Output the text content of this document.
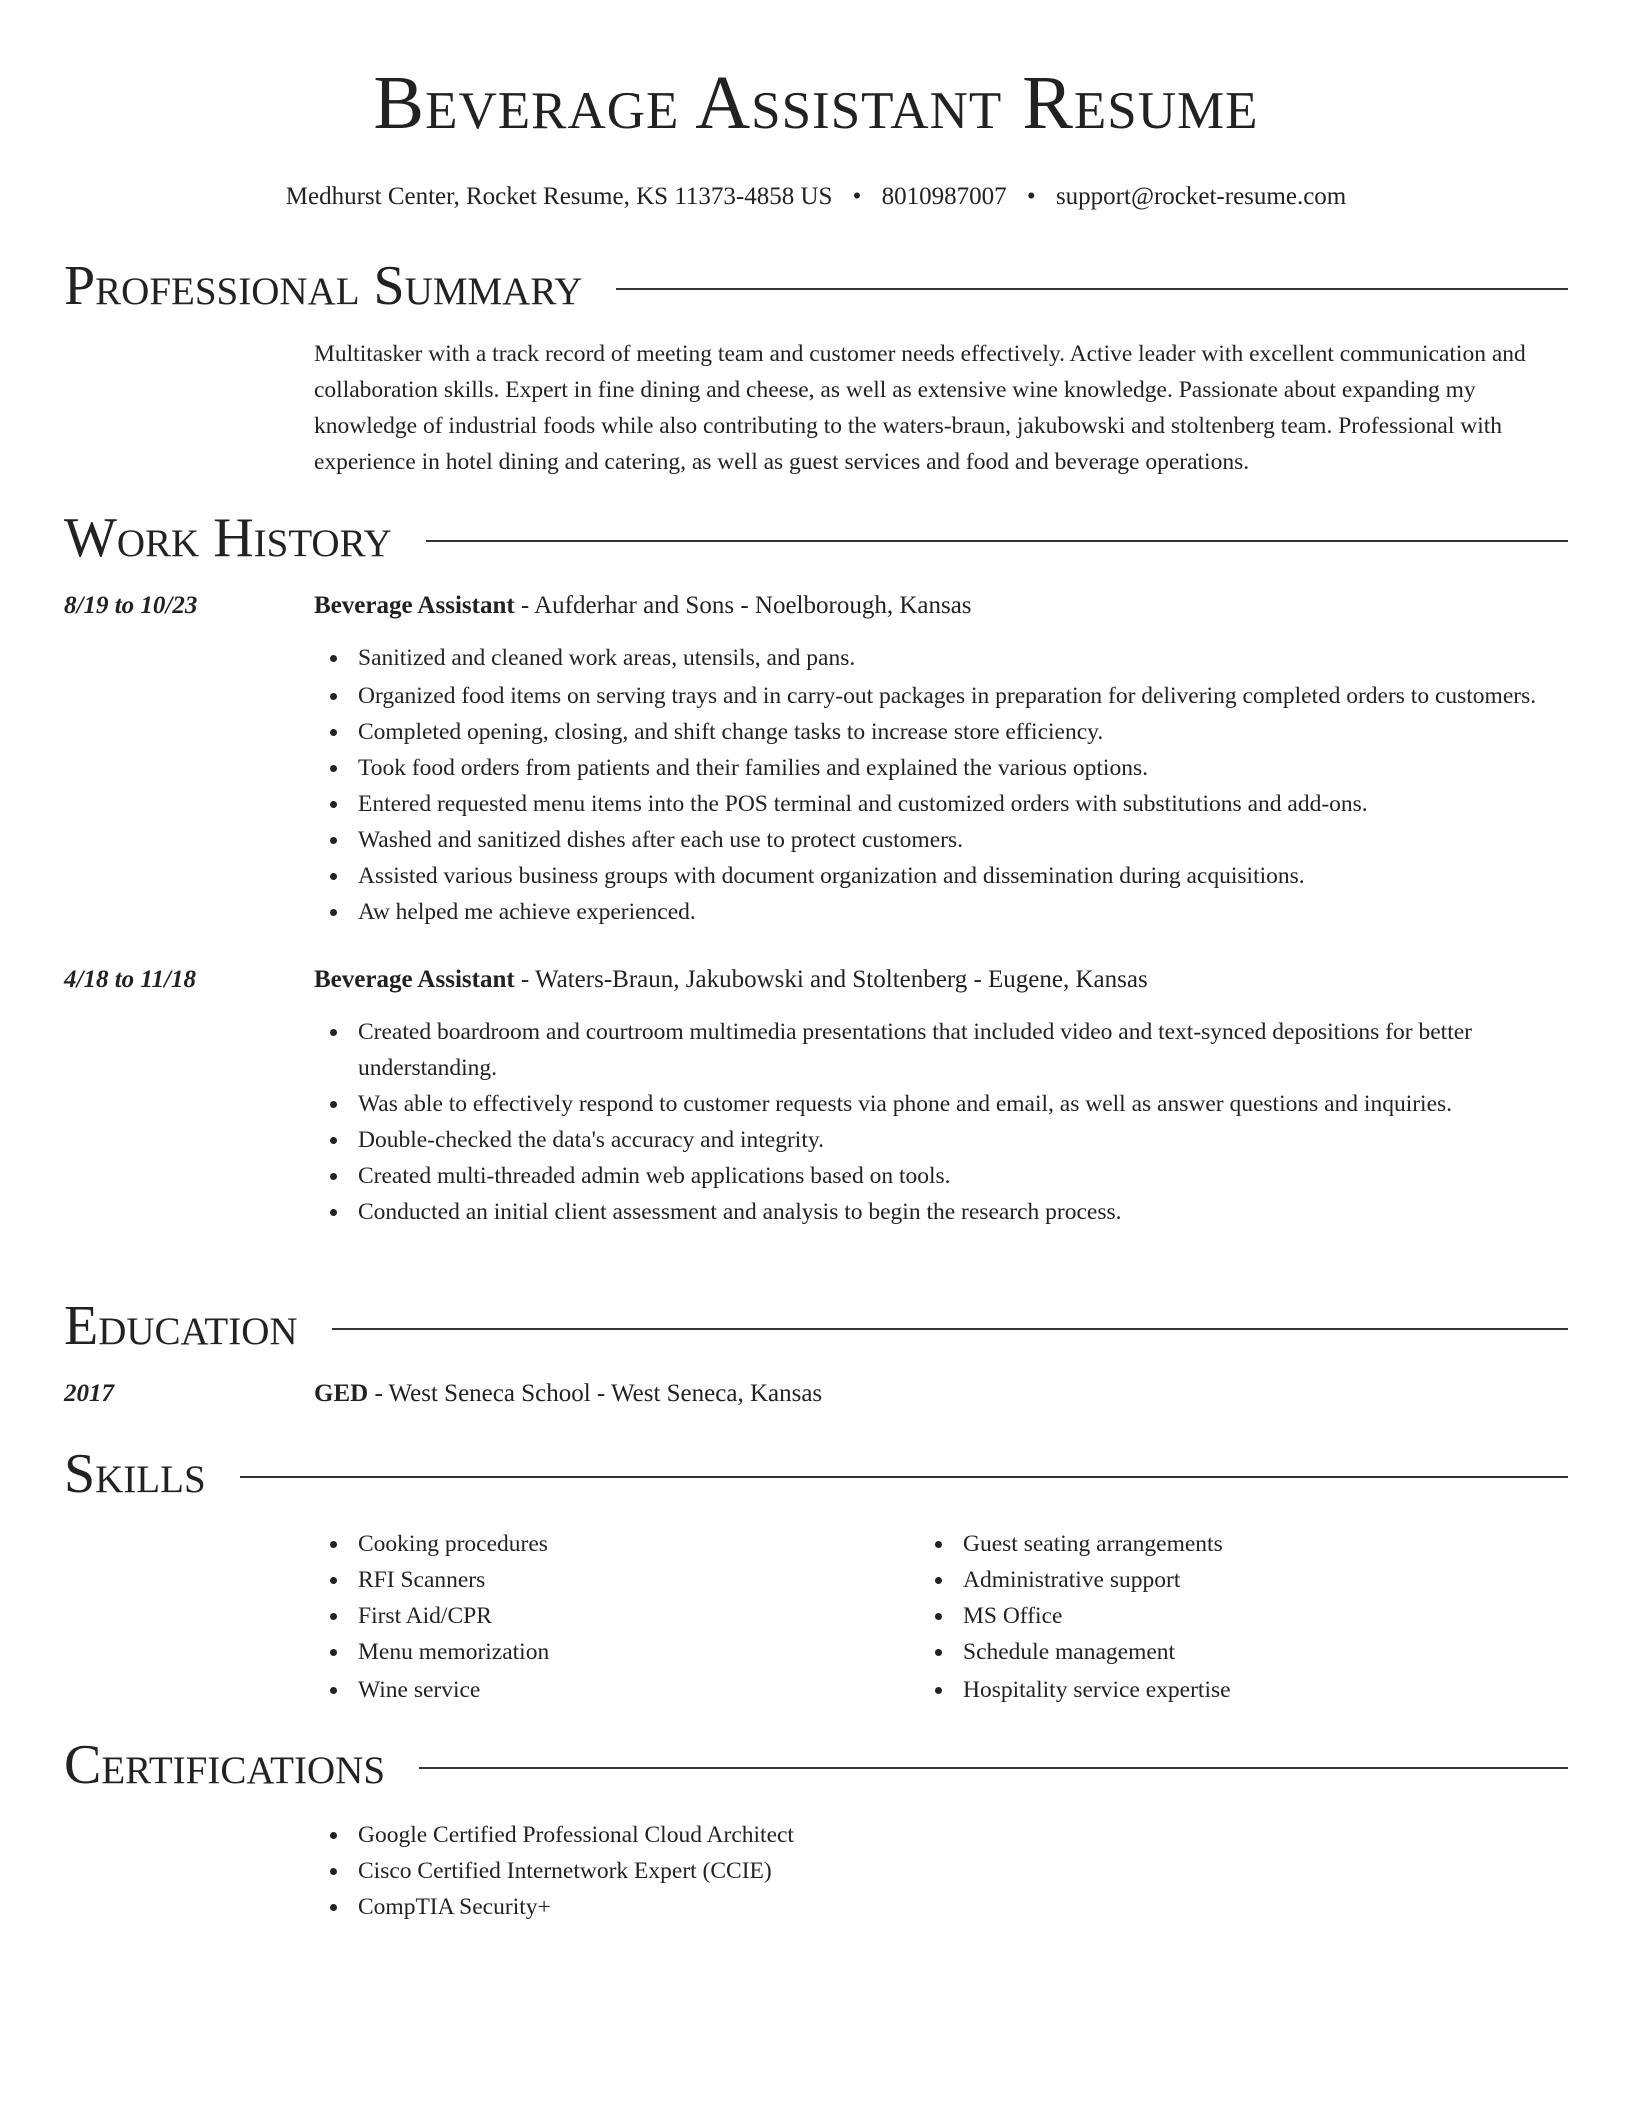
Beverage Assistant Resume
Medhurst Center, Rocket Resume, KS 11373-4858 US • 8010987007 • support@rocket-resume.com
Professional Summary

Multitasker with a track record of meeting team and customer needs effectively. Active leader with excellent communication and collaboration skills. Expert in fine dining and cheese, as well as extensive wine knowledge. Passionate about expanding my knowledge of industrial foods while also contributing to the waters-braun, jakubowski and stoltenberg team. Professional with experience in hotel dining and catering, as well as guest services and food and beverage operations.

Work History
8/19 to 10/23	Beverage Assistant - Aufderhar and Sons - Noelborough, Kansas
Sanitized and cleaned work areas, utensils, and pans.
Organized food items on serving trays and in carry-out packages in preparation for delivering completed orders to customers.
Completed opening, closing, and shift change tasks to increase store efficiency.
Took food orders from patients and their families and explained the various options.
Entered requested menu items into the POS terminal and customized orders with substitutions and add-ons.
Washed and sanitized dishes after each use to protect customers.
Assisted various business groups with document organization and dissemination during acquisitions.
Aw helped me achieve experienced.
4/18 to 11/18	Beverage Assistant - Waters-Braun, Jakubowski and Stoltenberg - Eugene, Kansas
Created boardroom and courtroom multimedia presentations that included video and text-synced depositions for better understanding.
Was able to effectively respond to customer requests via phone and email, as well as answer questions and inquiries.
Double-checked the data's accuracy and integrity.
Created multi-threaded admin web applications based on tools.
Conducted an initial client assessment and analysis to begin the research process.
Education
2017	GED - West Seneca School - West Seneca, Kansas
Skills
Cooking procedures
RFI Scanners
First Aid/CPR
Menu memorization
Wine service
Guest seating arrangements
Administrative support
MS Office
Schedule management
Hospitality service expertise
Certifications
Google Certified Professional Cloud Architect
Cisco Certified Internetwork Expert (CCIE)
CompTIA Security+
